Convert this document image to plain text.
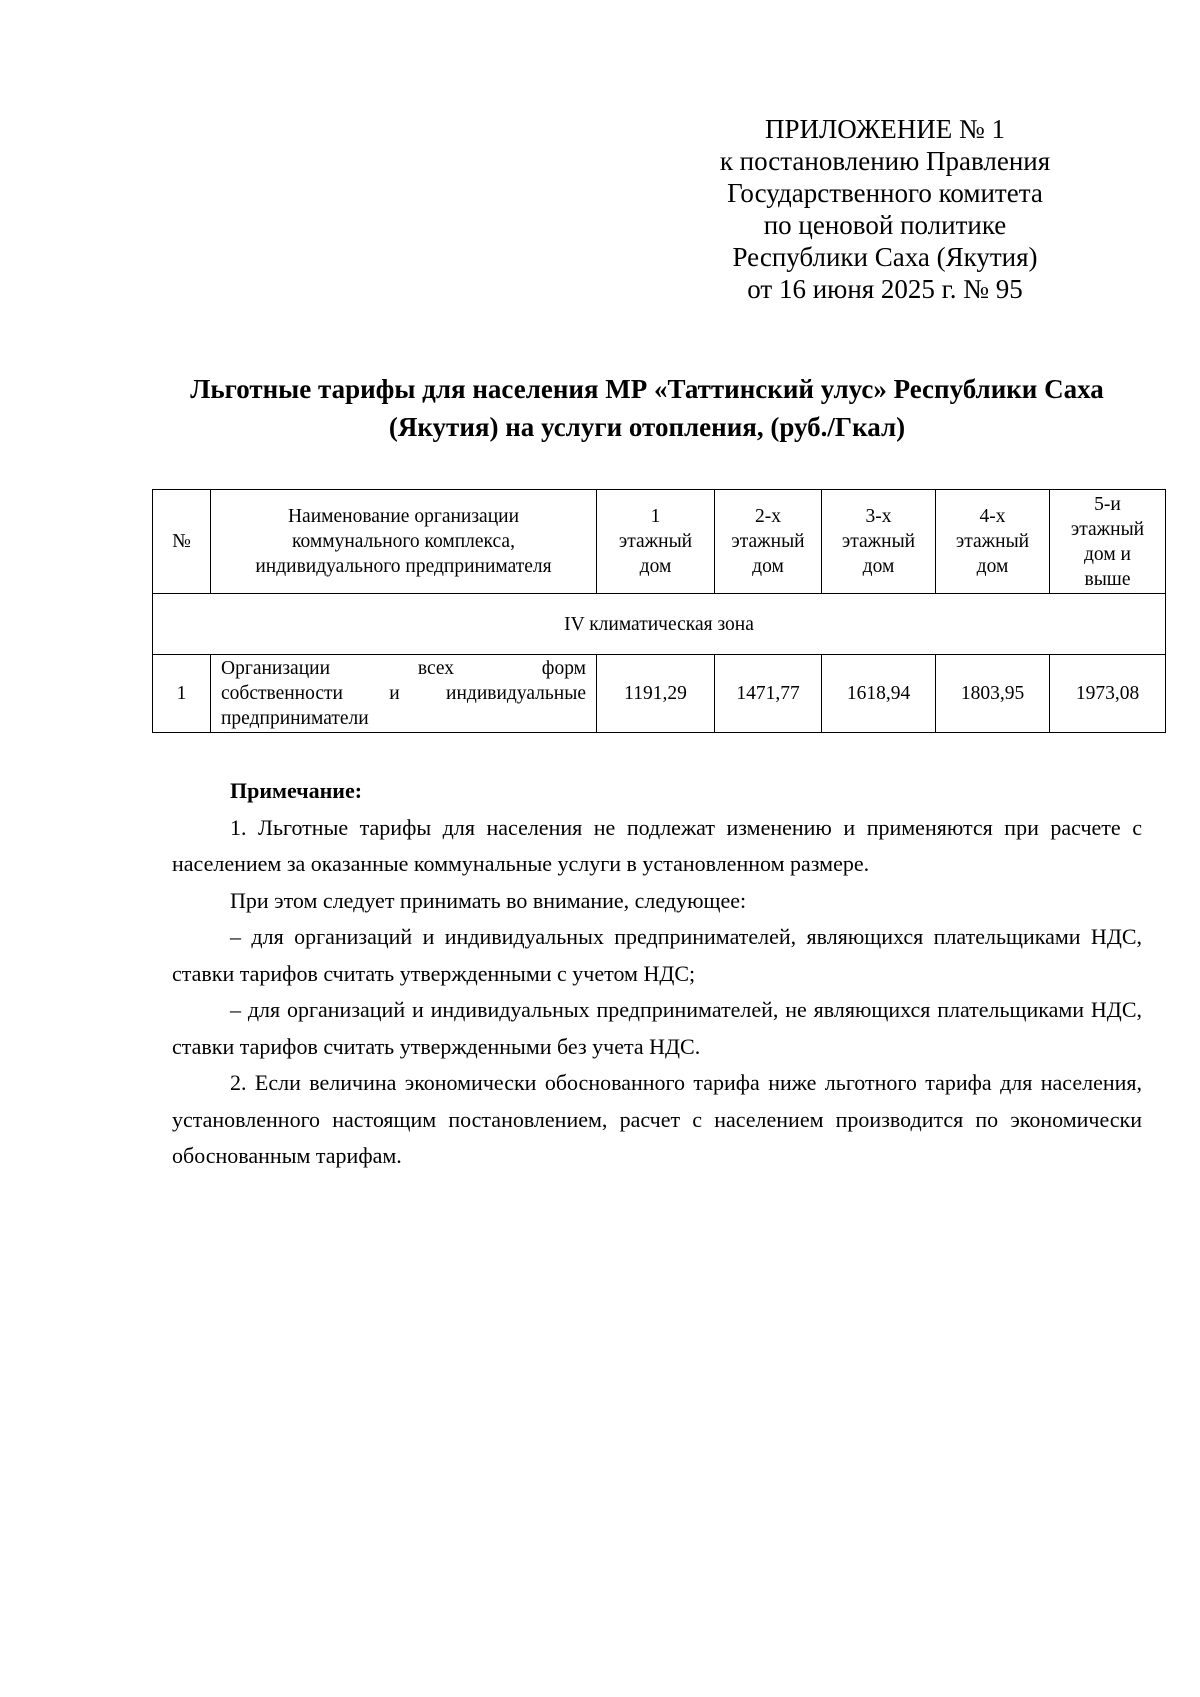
ПРИЛОЖЕНИЕ № 1
к постановлению Правления
Государственного комитета
по ценовой политике
Республики Саха (Якутия)
от 16 июня 2025 г. № 95
Льготные тарифы для населения МР «Таттинский улус» Республики Саха
(Якутия) на услуги отопления, (руб./Гкал)
№	Наименование организации
коммунального комплекса,
индивидуального предпринимателя	1
этажный
дом	2-х
этажный
дом	3-х
этажный
дом	4-х
этажный
дом	5-и
этажный
дом и
выше

IV климатическая зона						
1	Организации всех форм
собственности и индивидуальные
предприниматели	1191,29	1471,77	1618,94	1803,95	1973,08
Примечание:

1. Льготные тарифы для населения не подлежат изменению и применяются при расчете с населением за оказанные коммунальные услуги в установленном размере.

При этом следует принимать во внимание, следующее:

– для организаций и индивидуальных предпринимателей, являющихся плательщиками НДС, ставки тарифов считать утвержденными с учетом НДС;

– для организаций и индивидуальных предпринимателей, не являющихся плательщиками НДС, ставки тарифов считать утвержденными без учета НДС.

2. Если величина экономически обоснованного тарифа ниже льготного тарифа для населения, установленного настоящим постановлением, расчет с населением производится по экономически обоснованным тарифам.
